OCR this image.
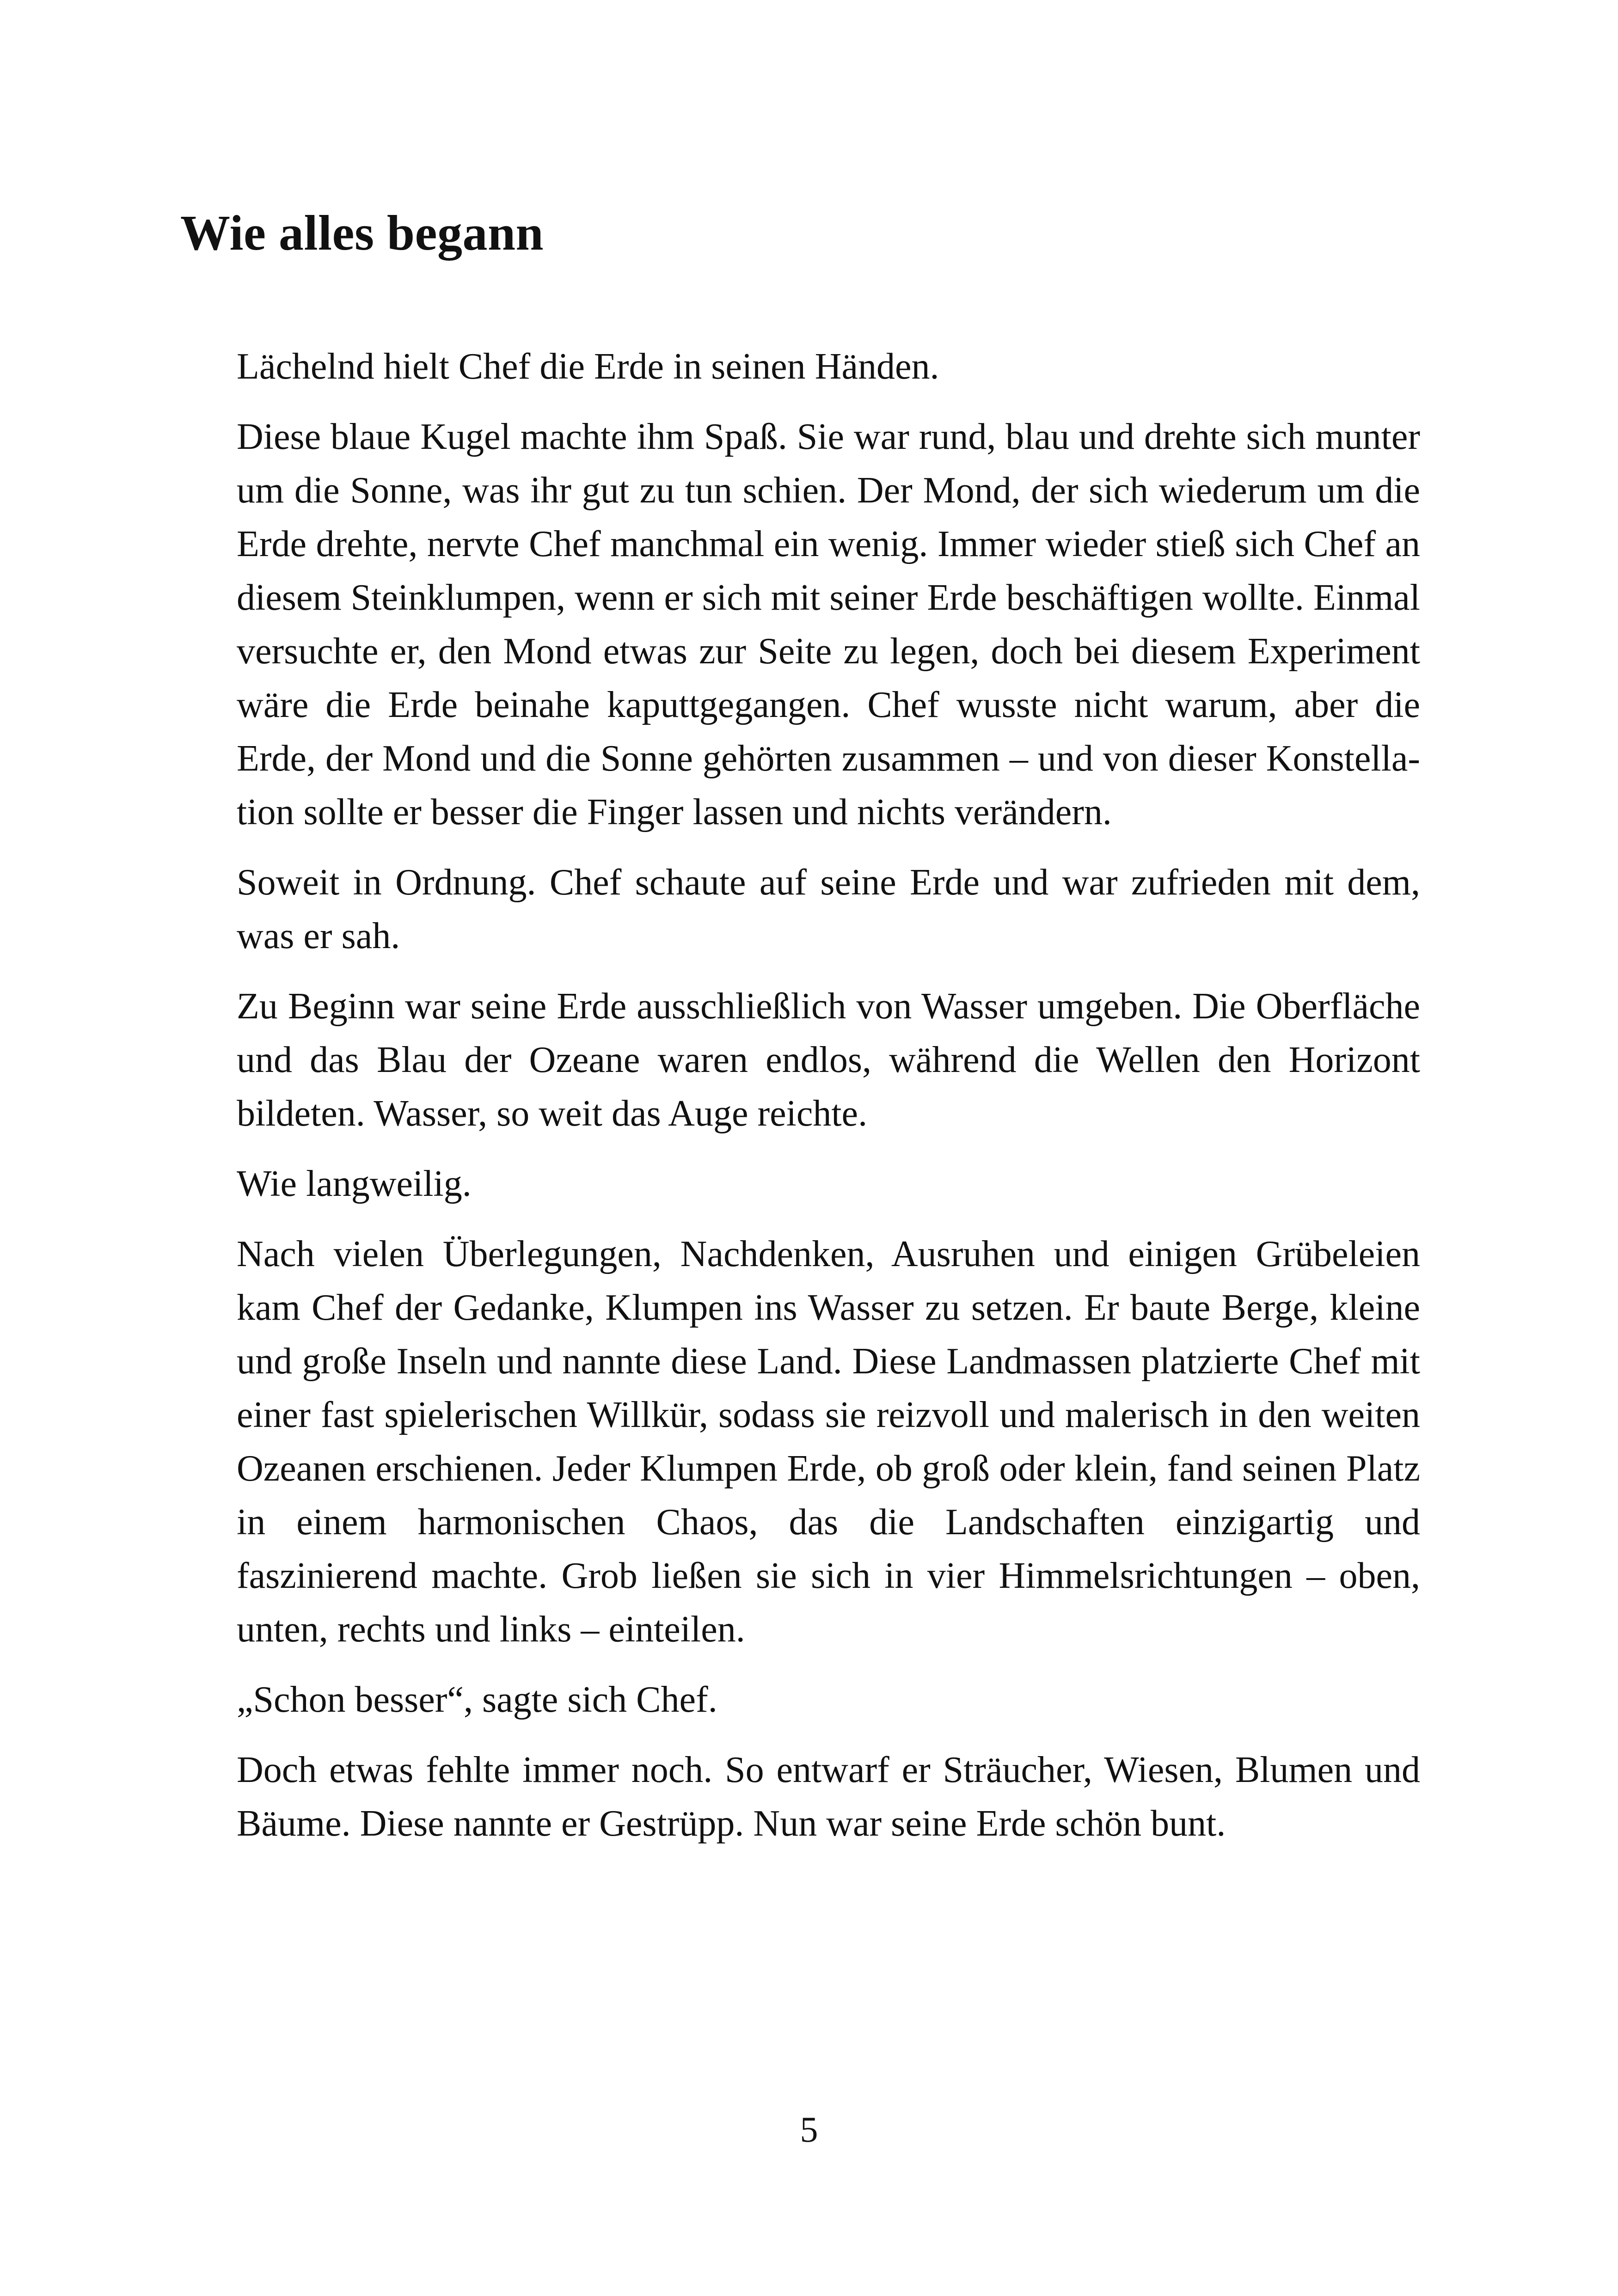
Wie alles begann

Lächelnd hielt Chef die Erde in seinen Händen.

Diese blaue Kugel machte ihm Spaß. Sie war rund, blau und drehte sich munter um die Sonne, was ihr gut zu tun schien. Der Mond, der sich wiederum um die Erde drehte, nervte Chef manchmal ein wenig. Immer wieder stieß sich Chef an diesem Steinklumpen, wenn er sich mit seiner Erde beschäftigen wollte. Einmal versuchte er, den Mond etwas zur Seite zu legen, doch bei diesem Experiment wäre die Erde beinahe kaputtgegangen. Chef wusste nicht warum, aber die Erde, der Mond und die Sonne gehörten zusammen – und von dieser Konstellation sollte er besser die Finger lassen und nichts verändern.

Soweit in Ordnung. Chef schaute auf seine Erde und war zufrieden mit dem, was er sah.

Zu Beginn war seine Erde ausschließlich von Wasser umgeben. Die Oberfläche und das Blau der Ozeane waren endlos, während die Wellen den Horizont bildeten. Wasser, so weit das Auge reichte.

Wie langweilig.

Nach vielen Überlegungen, Nachdenken, Ausruhen und einigen Grübeleien kam Chef der Gedanke, Klumpen ins Wasser zu setzen. Er baute Berge, kleine und große Inseln und nannte diese Land. Diese Landmassen platzierte Chef mit einer fast spielerischen Willkür, sodass sie reizvoll und malerisch in den weiten Ozeanen erschienen. Jeder Klumpen Erde, ob groß oder klein, fand seinen Platz in einem harmonischen Chaos, das die Landschaften einzigartig und faszinierend machte. Grob ließen sie sich in vier Himmelsrichtungen – oben, unten, rechts und links – einteilen.

„Schon besser“, sagte sich Chef.

Doch etwas fehlte immer noch. So entwarf er Sträucher, Wiesen, Blumen und Bäume. Diese nannte er Gestrüpp. Nun war seine Erde schön bunt.

5
